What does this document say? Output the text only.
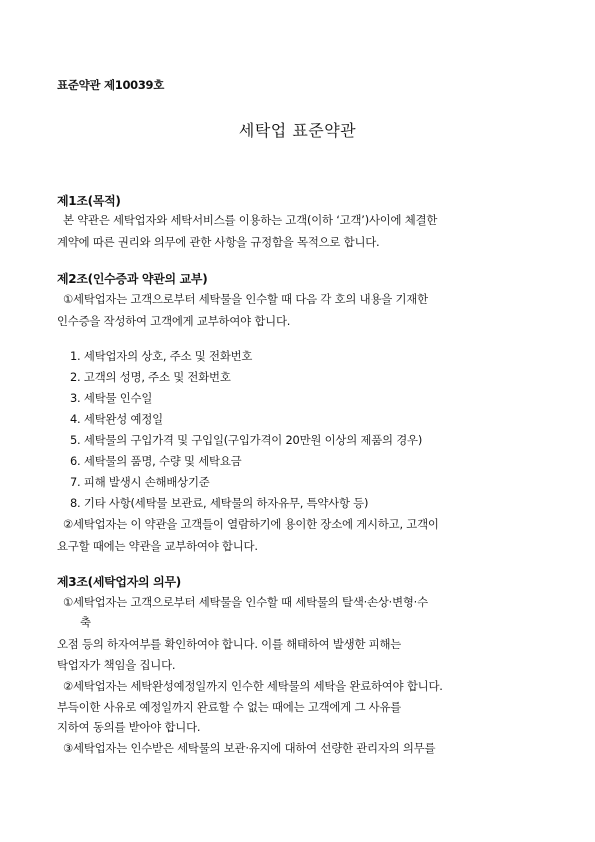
표준약관 제10039호
세탁업 표준약관
제1조(목적)
본 약관은 세탁업자와 세탁서비스를 이용하는 고객(이하 ‘고객’)사이에 체결한
계약에 따른 권리와 의무에 관한 사항을 규정함을 목적으로 합니다.
제2조(인수증과 약관의 교부)
①세탁업자는 고객으로부터 세탁물을 인수할 때 다음 각 호의 내용을 기재한
인수증을 작성하여 고객에게 교부하여야 합니다.
1. 세탁업자의 상호, 주소 및 전화번호
2. 고객의 성명, 주소 및 전화번호
3. 세탁물 인수일
4. 세탁완성 예정일
5. 세탁물의 구입가격 및 구입일(구입가격이 20만원 이상의 제품의 경우)
6. 세탁물의 품명, 수량 및 세탁요금
7. 피해 발생시 손해배상기준
8. 기타 사항(세탁물 보관료, 세탁물의 하자유무, 특약사항 등)
②세탁업자는 이 약관을 고객들이 열람하기에 용이한 장소에 게시하고, 고객이
요구할 때에는 약관을 교부하여야 합니다.
제3조(세탁업자의 의무)
①세탁업자는 고객으로부터 세탁물을 인수할 때 세탁물의 탈색·손상·변형·수
축
오점 등의 하자여부를 확인하여야 합니다. 이를 해태하여 발생한 피해는
탁업자가 책임을 집니다.
②세탁업자는 세탁완성예정일까지 인수한 세탁물의 세탁을 완료하여야 합니다.
부득이한 사유로 예정일까지 완료할 수 없는 때에는 고객에게 그 사유를
지하여 동의를 받아야 합니다.
③세탁업자는 인수받은 세탁물의 보관·유지에 대하여 선량한 관리자의 의무를
